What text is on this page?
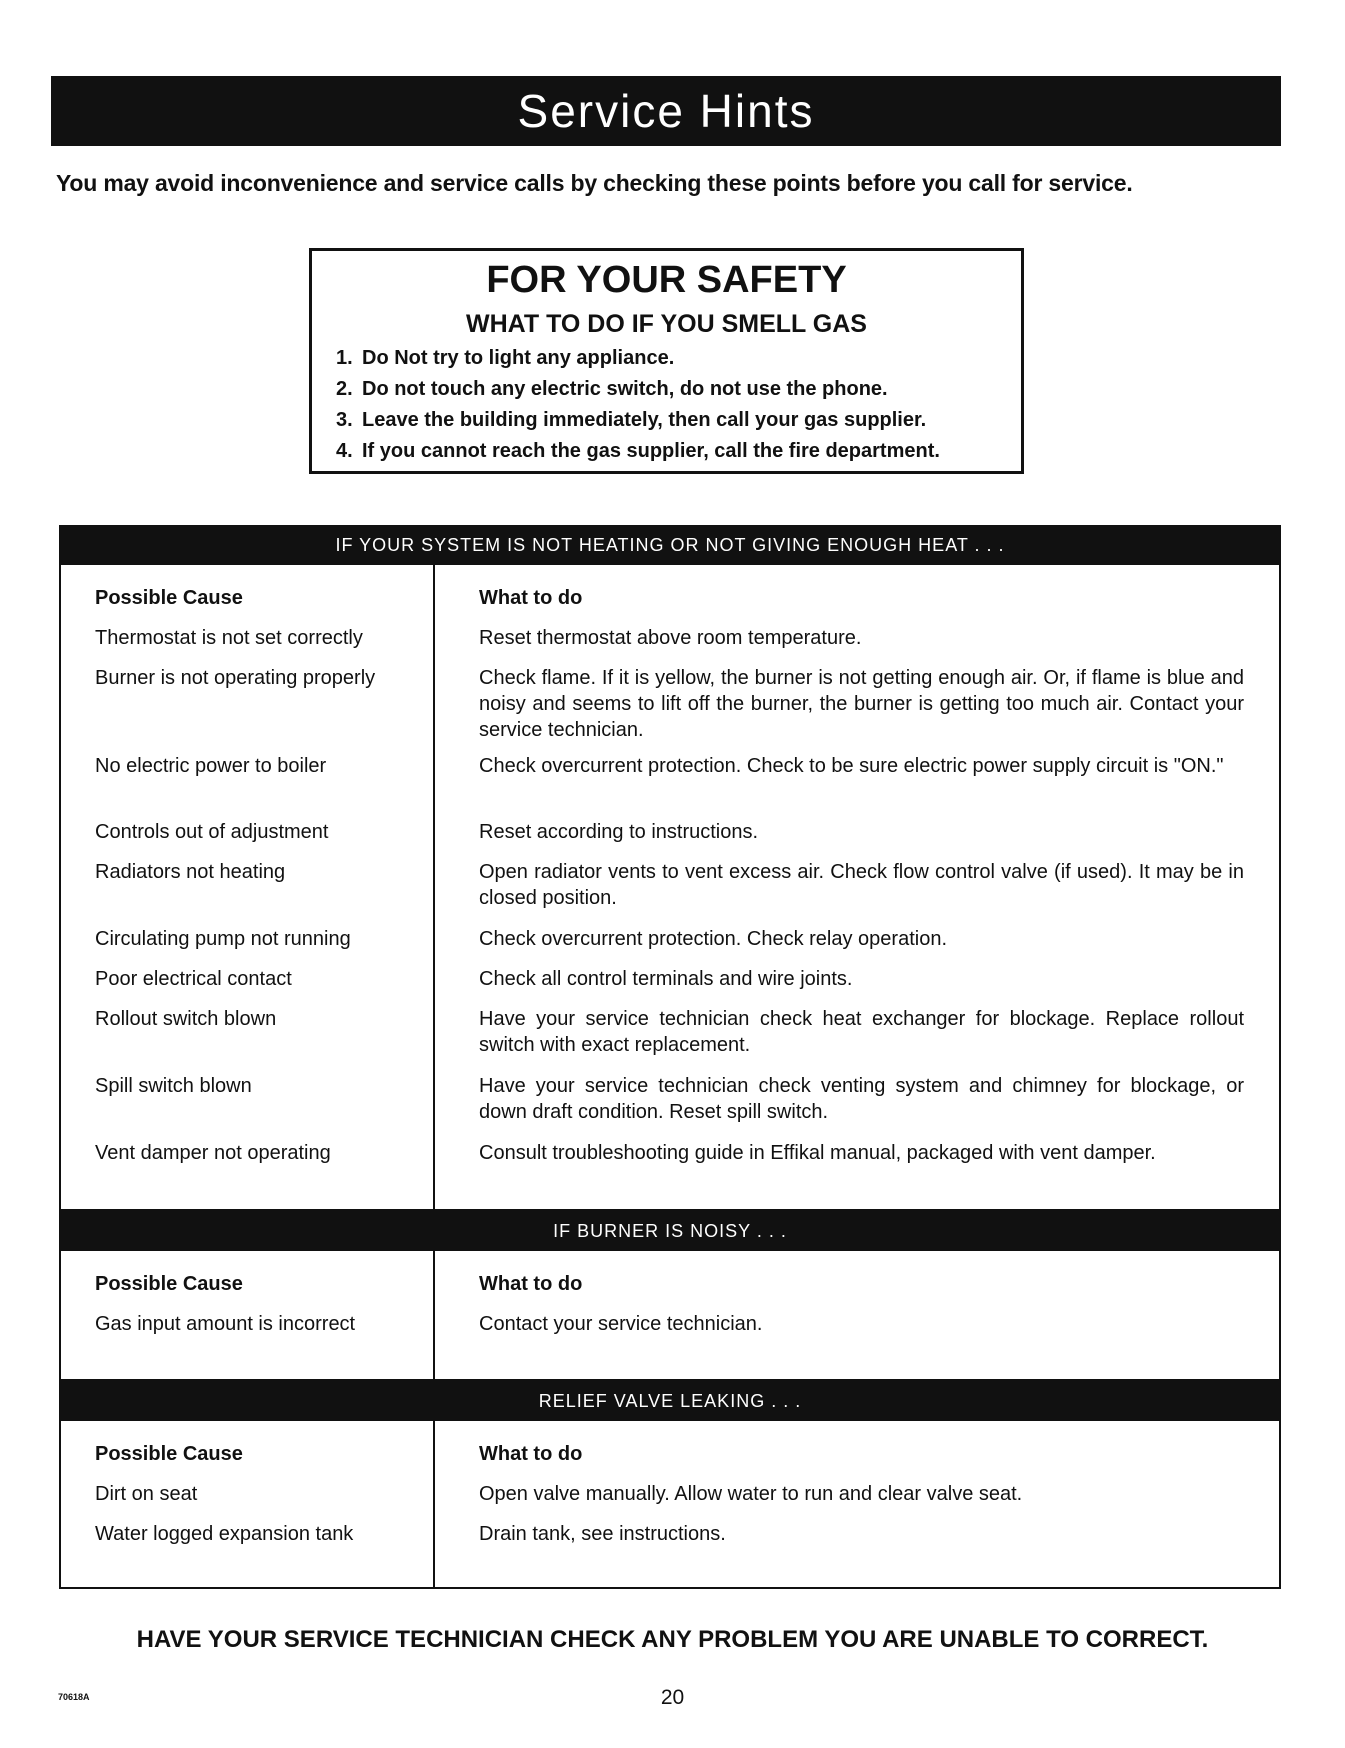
Service Hints
You may avoid inconvenience and service calls by checking these points before you call for service.
FOR YOUR SAFETY
WHAT TO DO IF YOU SMELL GAS
1. Do Not try to light any appliance.
2. Do not touch any electric switch, do not use the phone.
3. Leave the building immediately, then call your gas supplier.
4. If you cannot reach the gas supplier, call the fire department.
IF YOUR SYSTEM IS NOT HEATING OR NOT GIVING ENOUGH HEAT . . .
Possible Cause	What to do
Thermostat is not set correctly	Reset thermostat above room temperature.
Burner is not operating properly	Check flame. If it is yellow, the burner is not getting enough air. Or, if flame is blue and noisy and seems to lift off the burner, the burner is getting too much air. Contact your service technician.
No electric power to boiler	Check overcurrent protection. Check to be sure electric power supply circuit is "ON."
Controls out of adjustment	Reset according to instructions.
Radiators not heating	Open radiator vents to vent excess air. Check flow control valve (if used). It may be in closed position.
Circulating pump not running	Check overcurrent protection. Check relay operation.
Poor electrical contact	Check all control terminals and wire joints.
Rollout switch blown	Have your service technician check heat exchanger for blockage. Replace rollout switch with exact replacement.
Spill switch blown	Have your service technician check venting system and chimney for blockage, or down draft condition. Reset spill switch.
Vent damper not operating	Consult troubleshooting guide in Effikal manual, packaged with vent damper.
IF BURNER IS NOISY . . .
Possible Cause	What to do
Gas input amount is incorrect	Contact your service technician.
RELIEF VALVE LEAKING . . .
Possible Cause	What to do
Dirt on seat	Open valve manually. Allow water to run and clear valve seat.
Water logged expansion tank	Drain tank, see instructions.
HAVE YOUR SERVICE TECHNICIAN CHECK ANY PROBLEM YOU ARE UNABLE TO CORRECT.
70618A	20
